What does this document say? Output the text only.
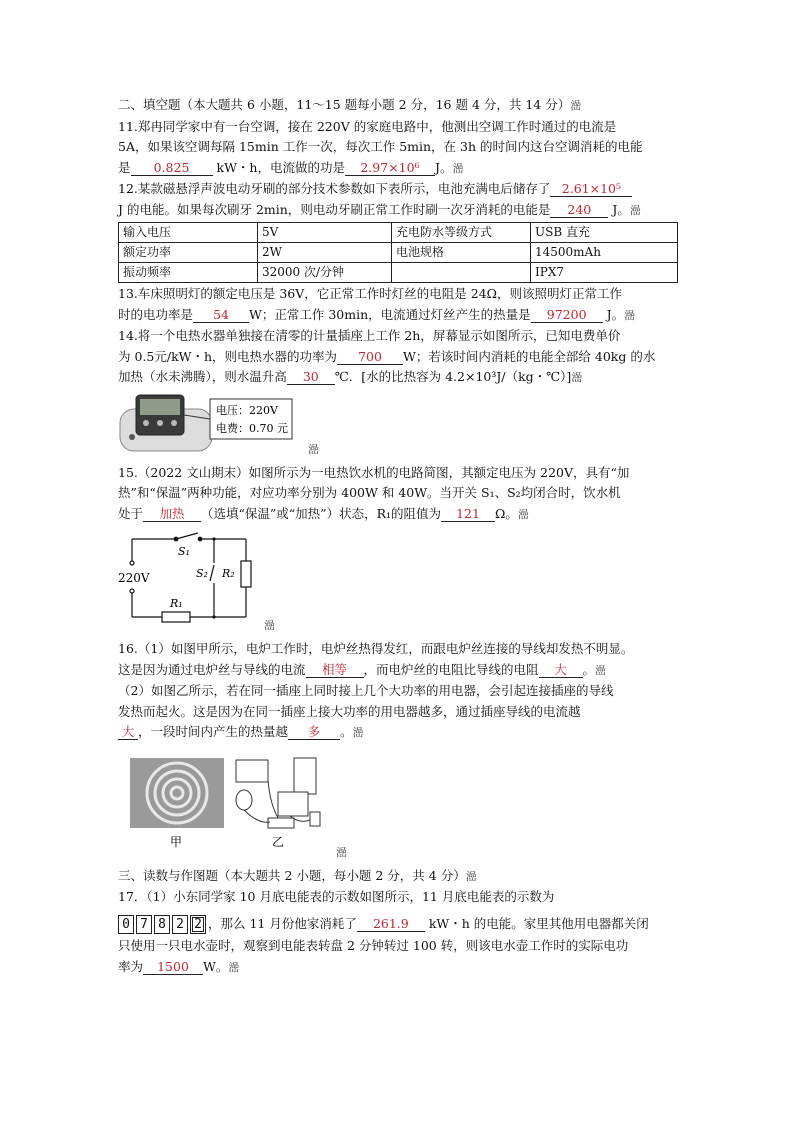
二、填空题（本大题共 6 小题，11～15 题每小题 2 分，16 题 4 分，共 14 分）澏
11.郑冉同学家中有一台空调，接在 220V 的家庭电路中，他测出空调工作时通过的电流是
5A，如果该空调每隔 15min 工作一次，每次工作 5min，在 3h 的时间内这台空调消耗的电能
是 0.825 kW・h，电流做的功是 2.97×10⁶ J。澏
12.某款磁悬浮声波电动牙刷的部分技术参数如下表所示，电池充满电后储存了 2.61×10⁵
J 的电能。如果每次刷牙 2min，则电动牙刷正常工作时刷一次牙消耗的电能是 240 J。澏
输入电压	5V	充电防水等级方式	USB 直充
额定功率	2W	电池规格	14500mAh
振动频率	32000 次/分钟		IPX7
13.车床照明灯的额定电压是 36V，它正常工作时灯丝的电阻是 24Ω，则该照明灯正常工作
时的电功率是 54 W；正常工作 30min，电流通过灯丝产生的热量是 97200 J。澏
14.将一个电热水器单独接在清零的计量插座上工作 2h，屏幕显示如图所示，已知电费单价
为 0.5元/kW・h，则电热水器的功率为 700 W；若该时间内消耗的电能全部给 40kg 的水
加热（水未沸腾），则水温升高 30 ℃．[水的比热容为 4.2×10³J/（kg・℃）]澏
电压：220V
电费：0.70 元
澏
15.（2022 文山期末）如图所示为一电热饮水机的电路简图，其额定电压为 220V，具有“加
热”和“保温”两种功能，对应功率分别为 400W 和 40W。当开关 S₁、S₂均闭合时，饮水机
处于 加热 （选填“保温”或“加热”）状态，R₁的阻值为 121 Ω。澏
220V
S₁
S₂ R₂
R₁
澏
16.（1）如图甲所示，电炉工作时，电炉丝热得发红，而跟电炉丝连接的导线却发热不明显。
这是因为通过电炉丝与导线的电流 相等 ，而电炉丝的电阻比导线的电阻 大 。澏
（2）如图乙所示，若在同一插座上同时接上几个大功率的用电器，会引起连接插座的导线
发热而起火。这是因为在同一插座上接大功率的用电器越多，通过插座导线的电流越
大 ，一段时间内产生的热量越 多 。澏
甲	乙
澏
三、读数与作图题（本大题共 2 小题，每小题 2 分，共 4 分）澏
17．（1）小东同学家 10 月底电能表的示数如图所示，11 月底电能表的示数为
0 7 8 2 2 ，那么 11 月份他家消耗了 261.9 kW・h 的电能。家里其他用电器都关闭
只使用一只电水壶时，观察到电能表转盘 2 分钟转过 100 转，则该电水壶工作时的实际电功
率为 1500 W。澏
